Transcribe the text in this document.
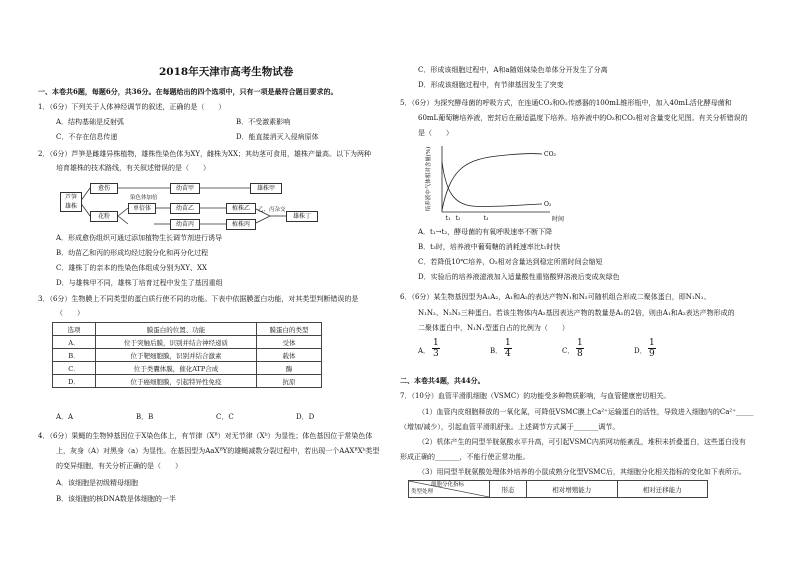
2018年天津市高考生物试卷
一、本卷共6题，每题6分，共36分。在每题给出的四个选项中，只有一项是最符合题目要求的。
1．（6分）下列关于人体神经调节的叙述，正确的是（　　）
A．结构基础是反射弧	B．不受激素影响
C．不存在信息传递	D．能直接消灭入侵病原体
2．（6分）芦笋是雌雄异株植物，雄株性染色体为XY，雌株为XX；其幼茎可食用，雄株产量高。以下为两种
培育雄株的技术路线，有关叙述错误的是（　　）
芦笋
雄株
愈伤	幼苗甲	雄株甲
花粉
单倍体
染色体加倍
幼苗乙	植株乙
幼苗丙	植株丙
乙、丙杂交
雄株丁
A．形成愈伤组织可通过添加植物生长调节剂进行诱导
B．幼苗乙和丙的形成均经过脱分化和再分化过程
C．雄株丁的亲本的性染色体组成分别为XY、XX
D．与雄株甲不同，雄株丁培育过程中发生了基因重组
3．（6分）生物膜上不同类型的蛋白质行使不同的功能。下表中依据膜蛋白功能，对其类型判断错误的是
（　　）
选项	膜蛋白的位置、功能	膜蛋白的类型
A．	位于突触后膜，识别并结合神经递质	受体
B．	位于靶细胞膜，识别并结合激素	载体
C．	位于类囊体膜，催化ATP合成	酶
D．	位于癌细胞膜，引起特异性免疫	抗原
A．A	B．B	C．C	D．D
4．（6分）果蝇的生物钟基因位于X染色体上，有节律（Xᴮ）对无节律（Xᵇ）为显性；体色基因位于常染色体
上，灰身（A）对黑身（a）为显性。在基因型为AaXᴮY的雄蝇减数分裂过程中，若出现一个AAXᴮXᵇ类型
的变异细胞，有关分析正确的是（　　）
A．该细胞是初级精母细胞
B．该细胞的核DNA数是体细胞的一半
C．形成该细胞过程中，A和a随姐妹染色单体分开发生了分离
D．形成该细胞过程中，有节律基因发生了突变
5．（6分）为探究酵母菌的呼吸方式，在连通CO₂和O₂传感器的100mL锥形瓶中，加入40mL活化酵母菌和
60mL葡萄糖培养液，密封后在最适温度下培养。培养液中的O₂和CO₂相对含量变化见图。有关分析错误的
是（　　）
培养液中气体相对含量(%)
时间
t₁ t₂	t₃
CO₂
O₂
A．t₁→t₂，酵母菌的有氧呼吸速率不断下降
B．t₃时，培养液中葡萄糖的消耗速率比t₁时快
C．若降低10℃培养，O₂相对含量达到稳定所需时间会缩短
D．实验后的培养液滤液加入适量酸性重铬酸钾溶液后变成灰绿色
6．（6分）某生物基因型为A₁A₂，A₁和A₂的表达产物N₁和N₂可随机组合形成二聚体蛋白，即N₁N₁、
N₁N₂、N₂N₂三种蛋白。若该生物体内A₂基因表达产物的数量是A₁的2倍，则由A₁和A₂表达产物形成的
二聚体蛋白中，N₁N₁型蛋白占的比例为（　　）
A． $\frac{1}{3}$	B． $\frac{1}{4}$	C． $\frac{1}{8}$	D． $\frac{1}{9}$
二、本卷共4题，共44分。
7．（10分）血管平滑肌细胞（VSMC）的功能受多种物质影响，与血管健康密切相关。
（1）血管内皮细胞释放的一氧化氮，可降低VSMC膜上Ca²⁺运输蛋白的活性，导致进入细胞内的Ca²⁺_____
（增加/减少），引起血管平滑肌舒张。上述调节方式属于_______调节。
（2）机体产生的同型半胱氨酸水平升高，可引起VSMC内质网功能紊乱，堆积未折叠蛋白，这些蛋白没有
形成正确的_______，不能行使正常功能。
（3）用同型半胱氨酸处理体外培养的小鼠成熟分化型VSMC后，其细胞分化相关指标的变化如下表所示。
细胞分化指标
类型处理	形态	相对增殖能力	相对迁移能力
